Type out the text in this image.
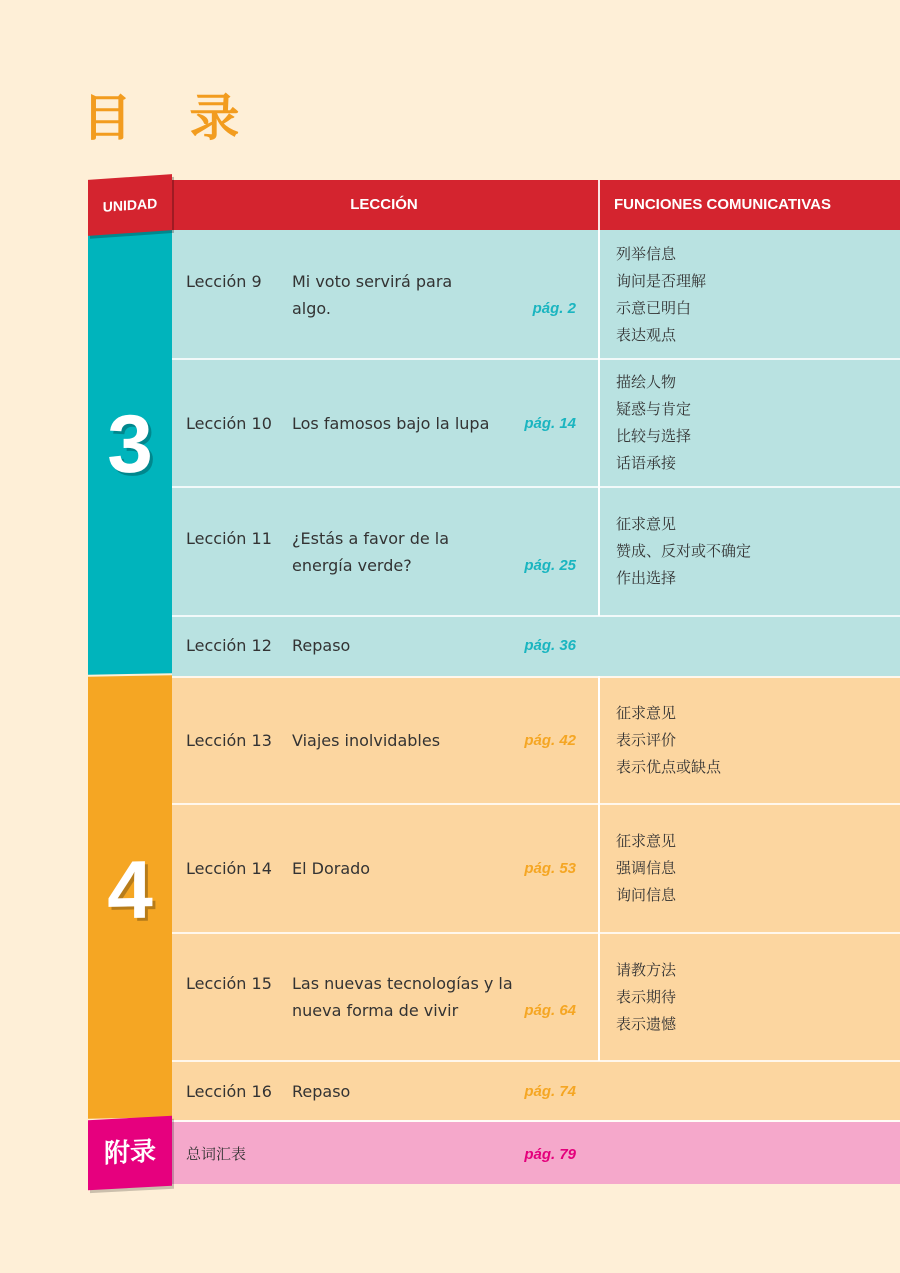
目 录
LECCIÓN	FUNCIONES COMUNICATIVAS
3
4
UNIDAD
附录
Lección 9 Mi voto servirá para algo.	pág. 2
列举信息
询问是否理解
示意已明白
表达观点
Lección 10 Los famosos bajo la lupa	pág. 14
描绘人物
疑惑与肯定
比较与选择
话语承接
Lección 11 ¿Estás a favor de la energía verde?	pág. 25
征求意见
赞成、反对或不确定
作出选择
Lección 12 Repaso	pág. 36
Lección 13 Viajes inolvidables	pág. 42
征求意见
表示评价
表示优点或缺点
Lección 14 El Dorado	pág. 53
征求意见
强调信息
询问信息
Lección 15 Las nuevas tecnologías y la nueva forma de vivir	pág. 64
请教方法
表示期待
表示遗憾
Lección 16 Repaso	pág. 74
总词汇表	pág. 79
